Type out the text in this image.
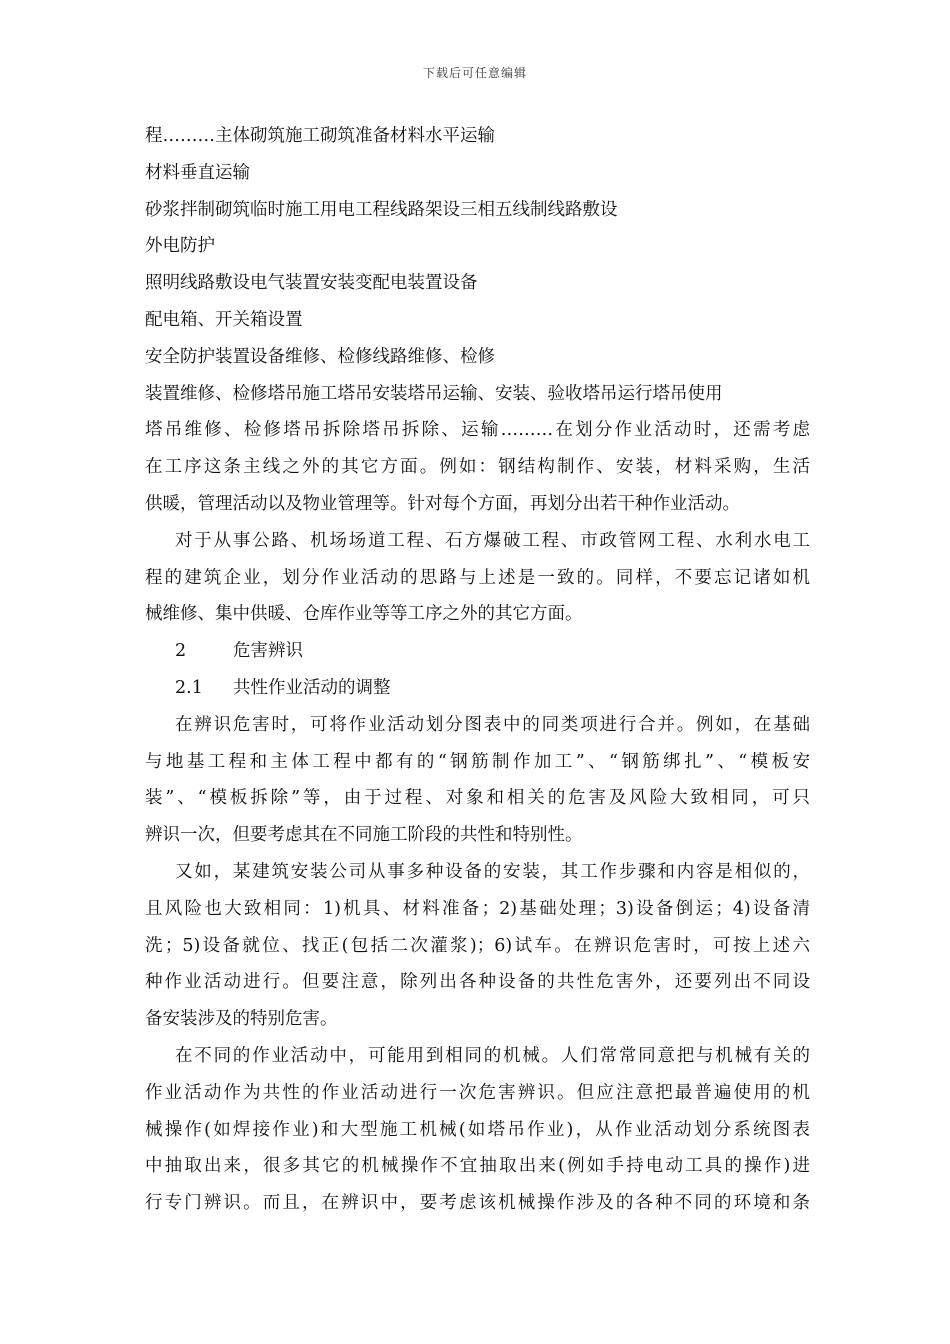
下载后可任意编辑
程………主体砌筑施工砌筑准备材料水平运输
材料垂直运输
砂浆拌制砌筑临时施工用电工程线路架设三相五线制线路敷设
外电防护
照明线路敷设电气装置安装变配电装置设备
配电箱、开关箱设置
安全防护装置设备维修、检修线路维修、检修
装置维修、检修塔吊施工塔吊安装塔吊运输、安装、验收塔吊运行塔吊使用
塔吊维修、检修塔吊拆除塔吊拆除、运输………在划分作业活动时，还需考虑
在工序这条主线之外的其它方面。例如：钢结构制作、安装，材料采购，生活
供暖，管理活动以及物业管理等。针对每个方面，再划分出若干种作业活动。
对于从事公路、机场场道工程、石方爆破工程、市政管网工程、水利水电工
程的建筑企业，划分作业活动的思路与上述是一致的。同样，不要忘记诸如机
械维修、集中供暖、仓库作业等等工序之外的其它方面。
2	危害辨识
2.1 共性作业活动的调整
在辨识危害时，可将作业活动划分图表中的同类项进行合并。例如，在基础
与地基工程和主体工程中都有的“钢筋制作加工”、“钢筋绑扎”、“模板安
装”、“模板拆除”等，由于过程、对象和相关的危害及风险大致相同，可只
辨识一次，但要考虑其在不同施工阶段的共性和特别性。
又如，某建筑安装公司从事多种设备的安装，其工作步骤和内容是相似的，
且风险也大致相同：1)机具、材料准备；2)基础处理；3)设备倒运；4)设备清
洗；5)设备就位、找正(包括二次灌浆)；6)试车。在辨识危害时，可按上述六
种作业活动进行。但要注意，除列出各种设备的共性危害外，还要列出不同设
备安装涉及的特别危害。
在不同的作业活动中，可能用到相同的机械。人们常常同意把与机械有关的
作业活动作为共性的作业活动进行一次危害辨识。但应注意把最普遍使用的机
械操作(如焊接作业)和大型施工机械(如塔吊作业)，从作业活动划分系统图表
中抽取出来，很多其它的机械操作不宜抽取出来(例如手持电动工具的操作)进
行专门辨识。而且，在辨识中，要考虑该机械操作涉及的各种不同的环境和条
